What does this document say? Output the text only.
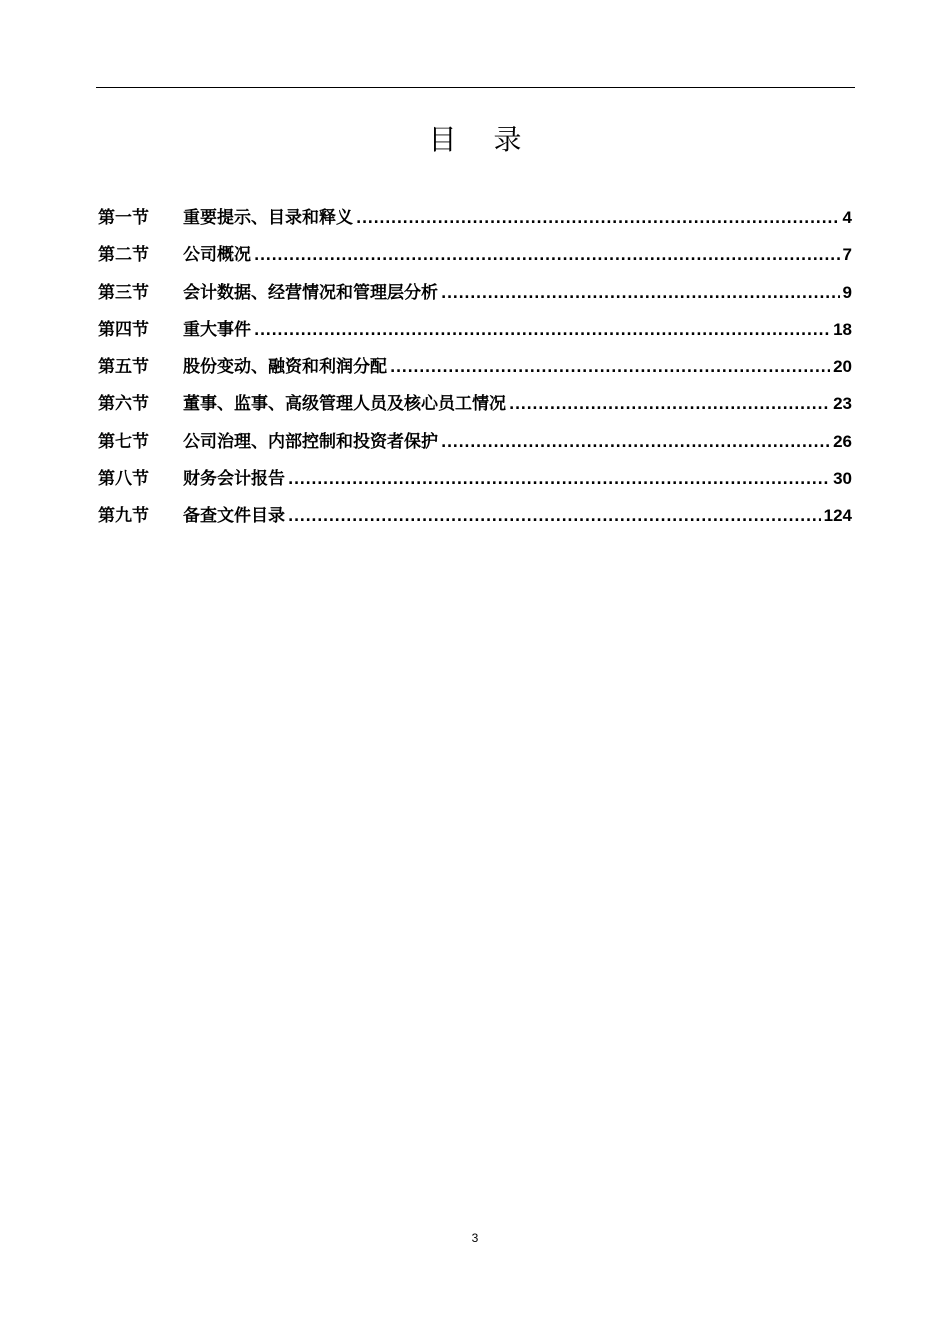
目 录
第一节	重要提示、目录和释义 .....	4
第二节	公司概况 .....	7
第三节	会计数据、经营情况和管理层分析 .....	9
第四节	重大事件 .....	18
第五节	股份变动、融资和利润分配 .....	20
第六节	董事、监事、高级管理人员及核心员工情况 .....	23
第七节	公司治理、内部控制和投资者保护 .....	26
第八节	财务会计报告 .....	30
第九节	备查文件目录 .....	124
3
